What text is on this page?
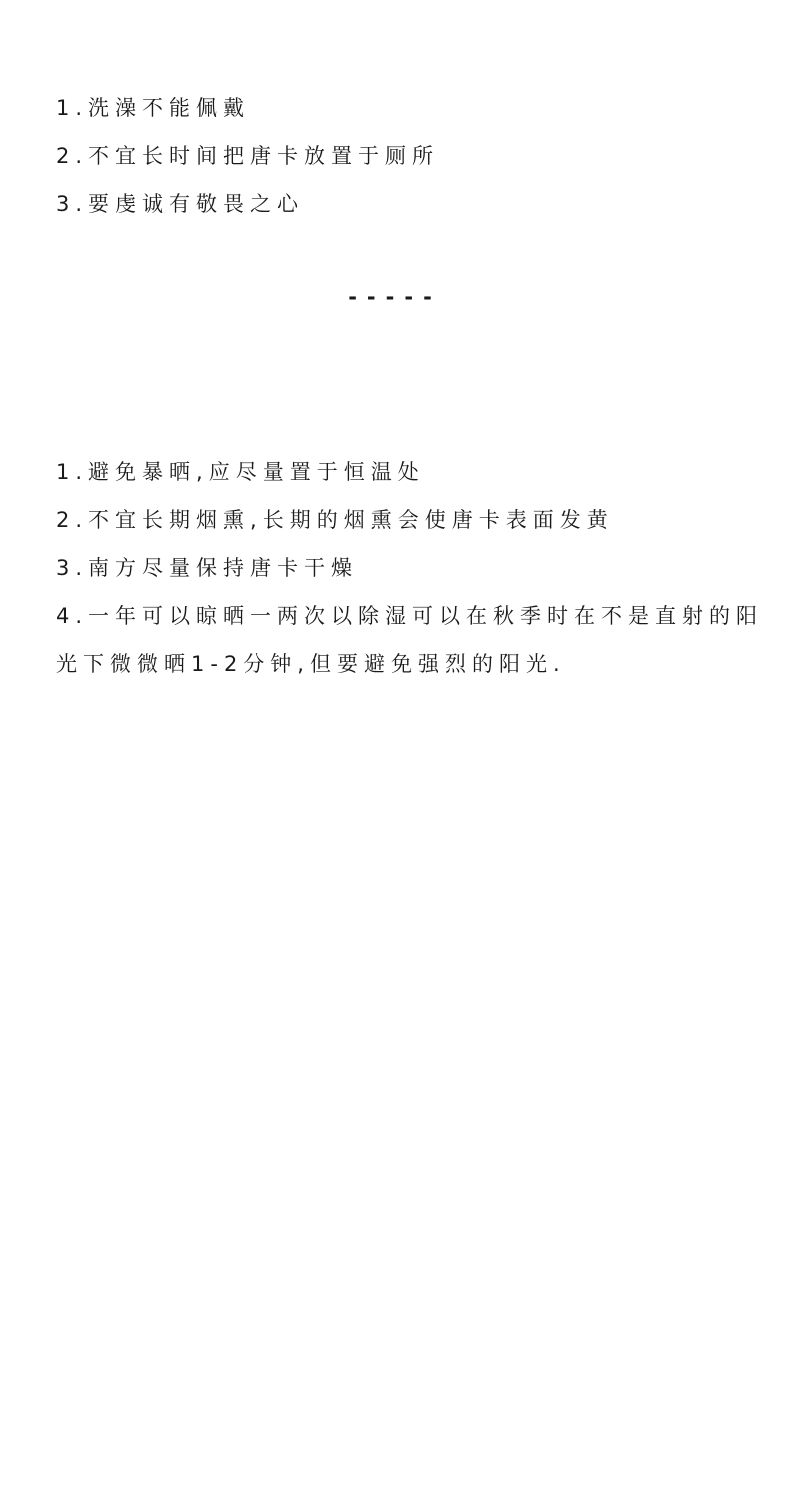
1.洗澡不能佩戴
2.不宜长时间把唐卡放置于厕所
3.要虔诚有敬畏之心
-----
1.避免暴晒,应尽量置于恒温处
2.不宜长期烟熏,长期的烟熏会使唐卡表面发黄
3.南方尽量保持唐卡干燥
4.一年可以晾晒一两次以除湿可以在秋季时在不是直射的阳光下微微晒1-2分钟,但要避免强烈的阳光.
